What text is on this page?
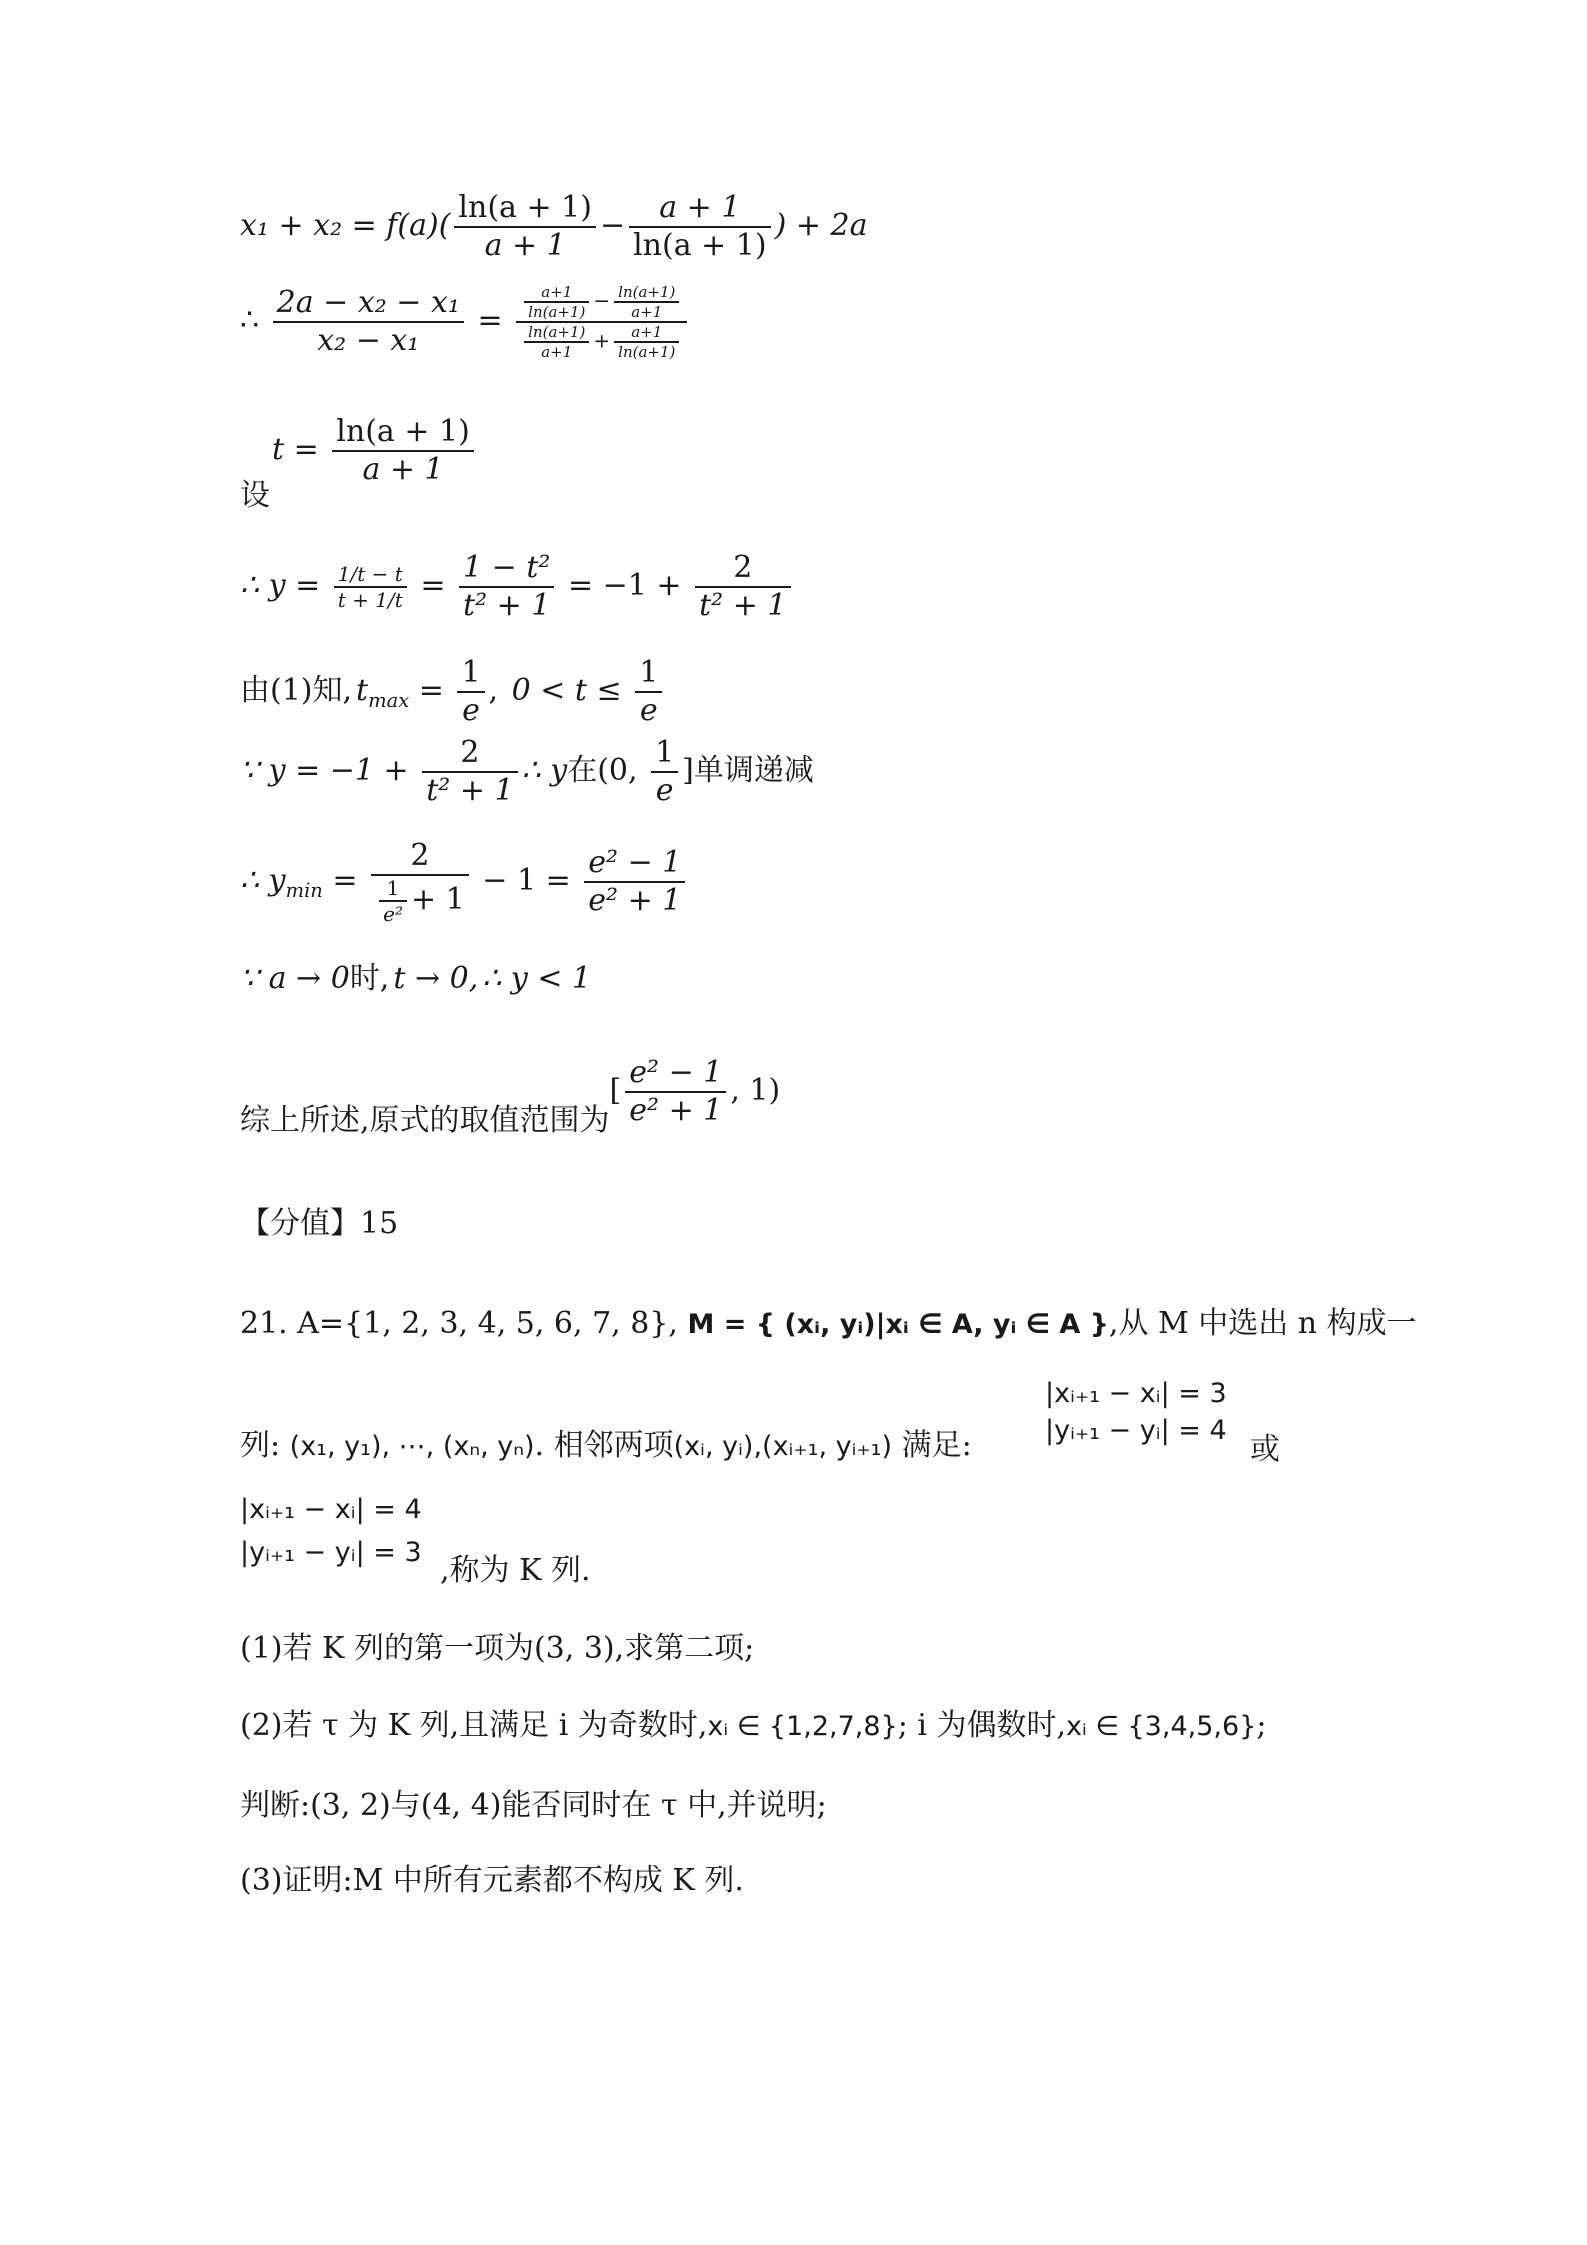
$x_1 + x_2 = f(a)( \frac{\ln(a + 1)}{a + 1} - \frac{a + 1}{\ln(a + 1)}$ ) + 2a
∴ $\frac{\text{2a − x₂ − x₁}}{\text{x₂ − x₁}} = \frac{\frac{a+1}{\ln(a+1)} - \frac{\ln(a+1)}{a+1}}{\frac{\ln(a+1)}{a+1} + \frac{a+1}{\ln(a+1)}}$
设
$t = \frac{\ln(a + 1)}{a + 1}$
∴ $y = \frac{1/t - t}{t + 1/t} = \frac{\text{1 − t²}}{\text{t² + 1}} = -1 + \frac{2}{\text{t² + 1}}$
由(1)知, $t_{max} = \frac{1}{e}$ , $0 < t \le \frac{1}{e}$
∵ $y = -1 + \frac{2}{\text{t² + 1}}$ ∴ y在(0, $\frac{1}{e}$ ]单调递减
∴ $y_{min} = \frac{2}{\frac{1}{\text{e²}} + 1} - 1 = \frac{\text{e² − 1}}{\text{e² + 1}}$
∵ a → 0时, t → 0, ∴ y < 1
综上所述,原式的取值范围为[ $\frac{\text{e² − 1}}{\text{e² + 1}}$ , 1)
【分值】15
21. A={1, 2, 3, 4, 5, 6, 7, 8}, M = { (xᵢ, yᵢ)|xᵢ ∈ A, yᵢ ∈ A },从 M 中选出 n 构成一
|xᵢ₊₁ − xᵢ| = 3
|yᵢ₊₁ − yᵢ| = 4
列: (x₁, y₁), ⋯, (xₙ, yₙ). 相邻两项(xᵢ, yᵢ),(xᵢ₊₁, yᵢ₊₁) 满足:	或
|xᵢ₊₁ − xᵢ| = 4
|yᵢ₊₁ − yᵢ| = 3
,称为 K 列.
(1)若 K 列的第一项为(3, 3),求第二项;
(2)若 τ 为 K 列,且满足 i 为奇数时,xᵢ ∈ {1,2,7,8}; i 为偶数时,xᵢ ∈ {3,4,5,6};
判断:(3, 2)与(4, 4)能否同时在 τ 中,并说明;
(3)证明:M 中所有元素都不构成 K 列.
